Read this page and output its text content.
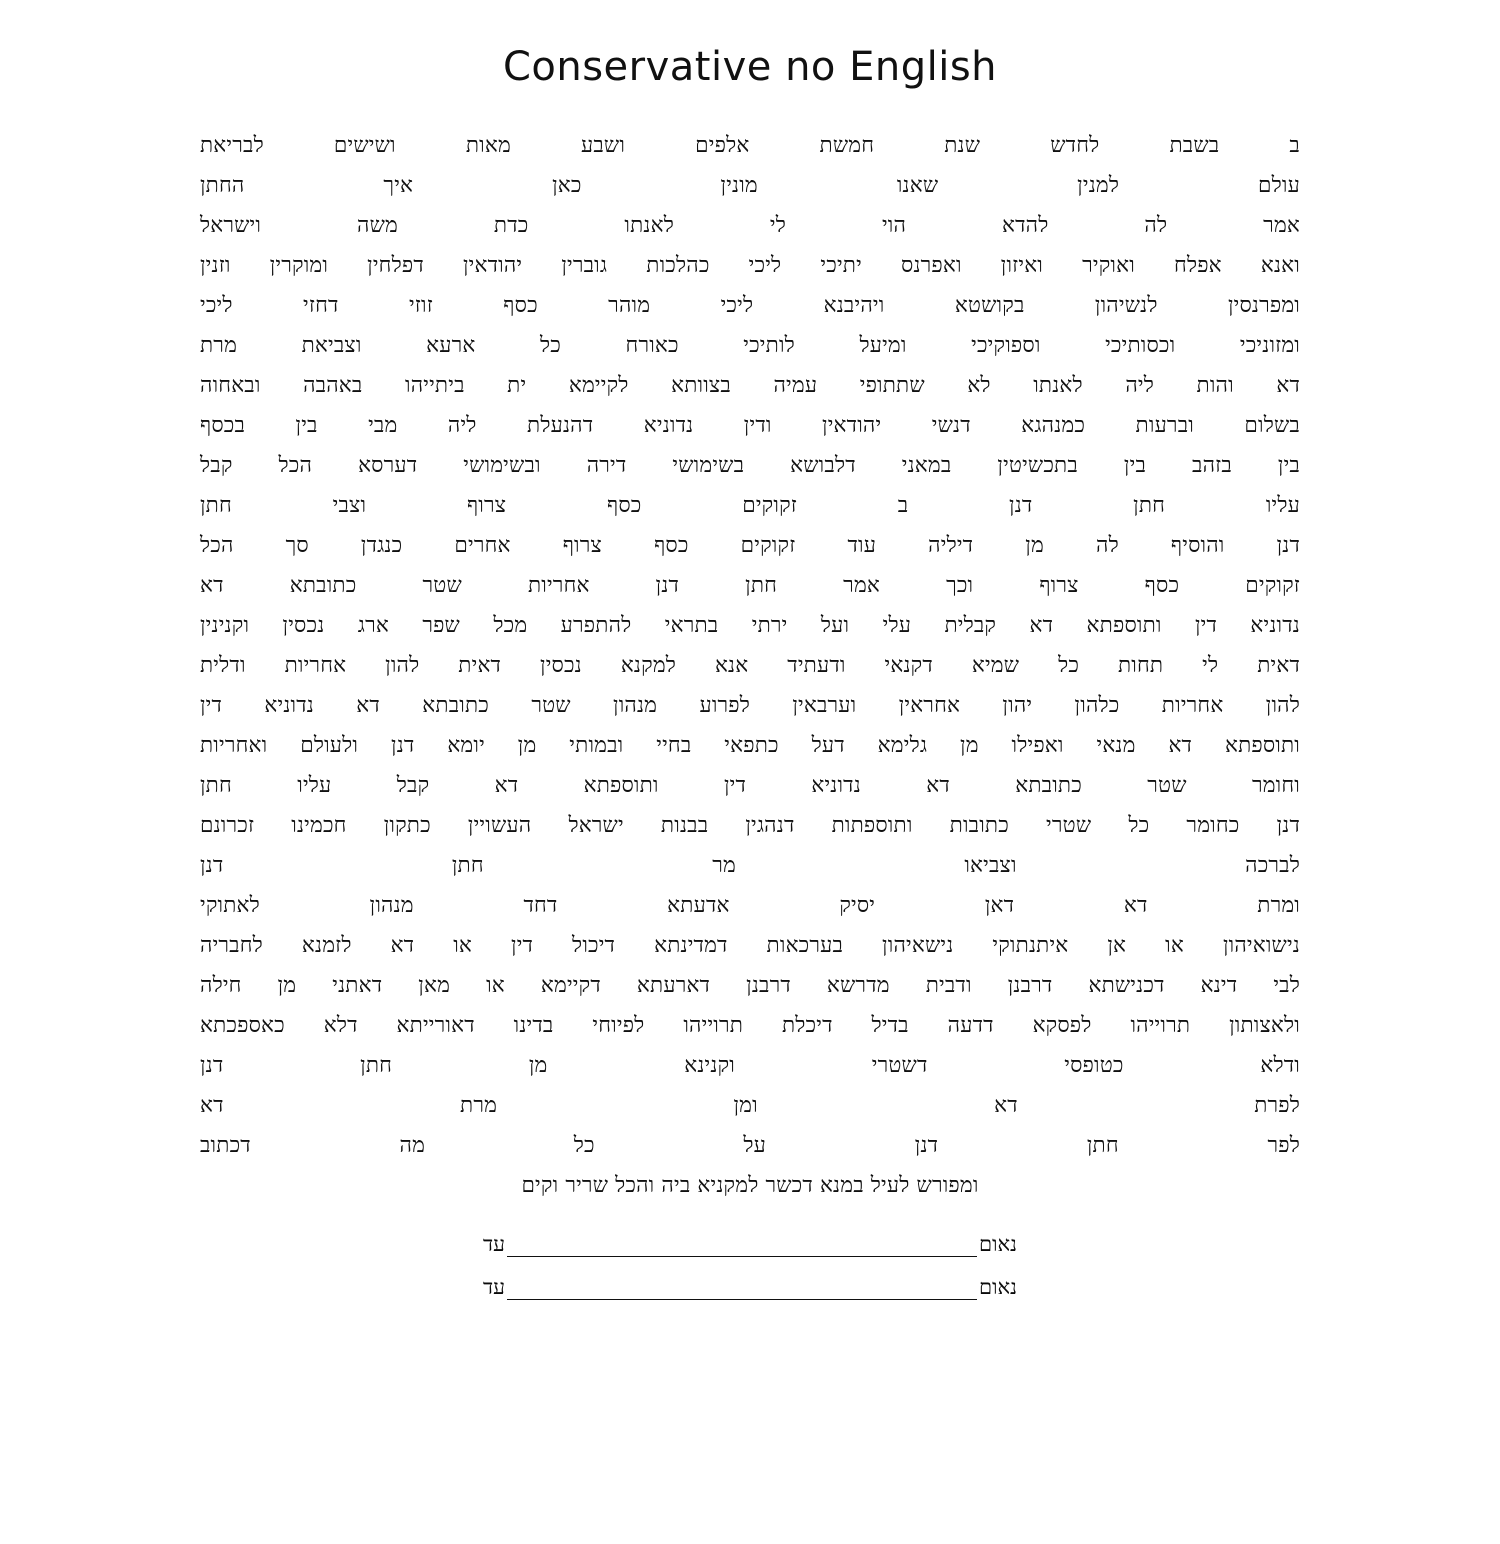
Conservative no English
ב בשבת לחדש שנת חמשת אלפים ושבע מאות ושישים לבריאת
עולם למנין שאנו מונין כאן איך החתן
אמר לה להדא הוי לי לאנתו כדת משה וישראל
ואנא אפלח ואוקיר ואיזון ואפרנס יתיכי ליכי כהלכות גוברין יהודאין דפלחין ומוקרין וזנין
ומפרנסין לנשיהון בקושטא ויהיבנא ליכי מוהר כסף זוזי דחזי ליכי
ומזוניכי וכסותיכי וספוקיכי ומיעל לותיכי כאורח כל ארעא וצביאת מרת
דא והות ליה לאנתו לא שתתופי עמיה בצוותא לקיימא ית ביתייהו באהבה ובאחוה
בשלום וברעות כמנהגא דנשי יהודאין ודין נדוניא דהנעלת ליה מבי בין בכסף
בין בזהב בין בתכשיטין במאני דלבושא בשימושי דירה ובשימושי דערסא הכל קבל
עליו חתן דנן ב זקוקים כסף צרוף וצבי חתן
דנן והוסיף לה מן דיליה עוד זקוקים כסף צרוף אחרים כנגדן סך הכל
זקוקים כסף צרוף וכך אמר חתן דנן אחריות שטר כתובתא דא
נדוניא דין ותוספתא דא קבלית עלי ועל ירתי בתראי להתפרע מכל שפר ארג נכסין וקנינין
דאית לי תחות כל שמיא דקנאי ודעתיד אנא למקנא נכסין דאית להון אחריות ודלית
להון אחריות כלהון יהון אחראין וערבאין לפרוע מנהון שטר כתובתא דא נדוניא דין
ותוספתא דא מנאי ואפילו מן גלימא דעל כתפאי בחיי ובמותי מן יומא דנן ולעולם ואחריות
וחומר שטר כתובתא דא נדוניא דין ותוספתא דא קבל עליו חתן
דנן כחומר כל שטרי כתובות ותוספתות דנהגין בבנות ישראל העשויין כתקון חכמינו זכרונם
לברכה וצביאו מר חתן דנן
ומרת דא דאן יסיק אדעתא דחד מנהון לאתוקי
נישואיהון או אן איתנתוקי נישאיהון בערכאות דמדינתא דיכול דין או דא לזמנא לחבריה
לבי דינא דכנישתא דרבנן ודבית מדרשא דרבנן דארעתא דקיימא או מאן דאתני מן חילה
ולאצותון תרוייהו לפסקא דדעה בדיל דיכלת תרוייהו לפיוחי בדינו דאורייתא דלא כאספכתא
ודלא כטופסי דשטרי וקנינא מן חתן דנן
לפרת דא ומן מרת דא
לפר חתן דנן על כל מה דכתוב
ומפורש לעיל במנא דכשר למקניא ביה והכל שריר וקים
נאום
עד
נאום
עד
